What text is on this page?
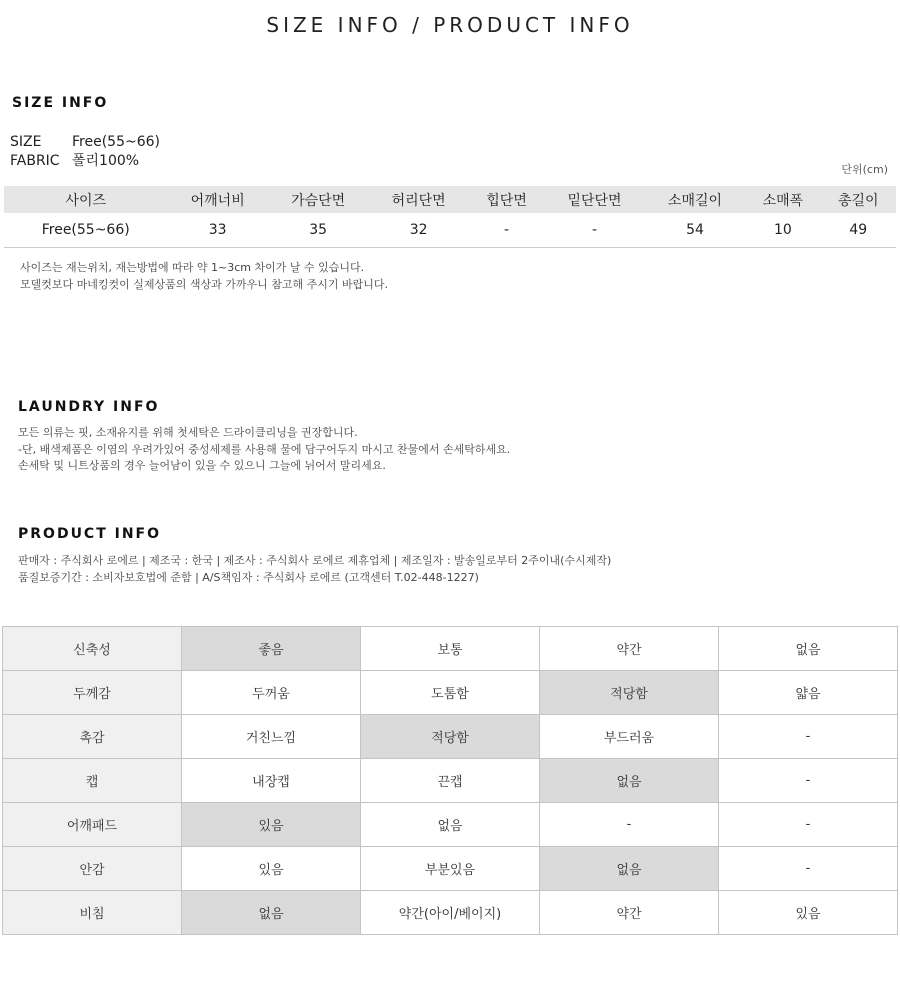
SIZE INFO / PRODUCT INFO
SIZE INFO
SIZE Free(55~66)
FABRIC 폴리100%
단위(cm)
사이즈	어깨너비	가슴단면	허리단면	힙단면	밑단단면	소매길이	소매폭	총길이
Free(55~66)	33	35	32	-	-	54	10	49
사이즈는 재는위치, 재는방법에 따라 약 1~3cm 차이가 날 수 있습니다.
모델컷보다 마네킹컷이 실제상품의 색상과 가까우니 참고해 주시기 바랍니다.
LAUNDRY INFO
모든 의류는 핏, 소재유지를 위해 첫세탁은 드라이클리닝을 권장합니다.
-단, 배색제품은 이염의 우려가있어 중성세제를 사용해 물에 담구어두지 마시고 찬물에서 손세탁하세요.
손세탁 및 니트상품의 경우 늘어남이 있을 수 있으니 그늘에 뉘어서 말리세요.
PRODUCT INFO
판매자 : 주식회사 로에르 | 제조국 : 한국 | 제조사 : 주식회사 로에르 제휴업체 | 제조일자 : 발송일로부터 2주이내(수시제작)
품질보증기간 : 소비자보호법에 준함 | A/S책임자 : 주식회사 로에르 (고객센터 T.02-448-1227)
신축성	좋음	보통	약간	없음
두께감	두꺼움	도톰함	적당함	얇음
촉감	거친느낌	적당함	부드러움	-
캡	내장캡	끈캡	없음	-
어깨패드	있음	없음	-	-
안감	있음	부분있음	없음	-
비침	없음	약간(아이/베이지)	약간	있음
